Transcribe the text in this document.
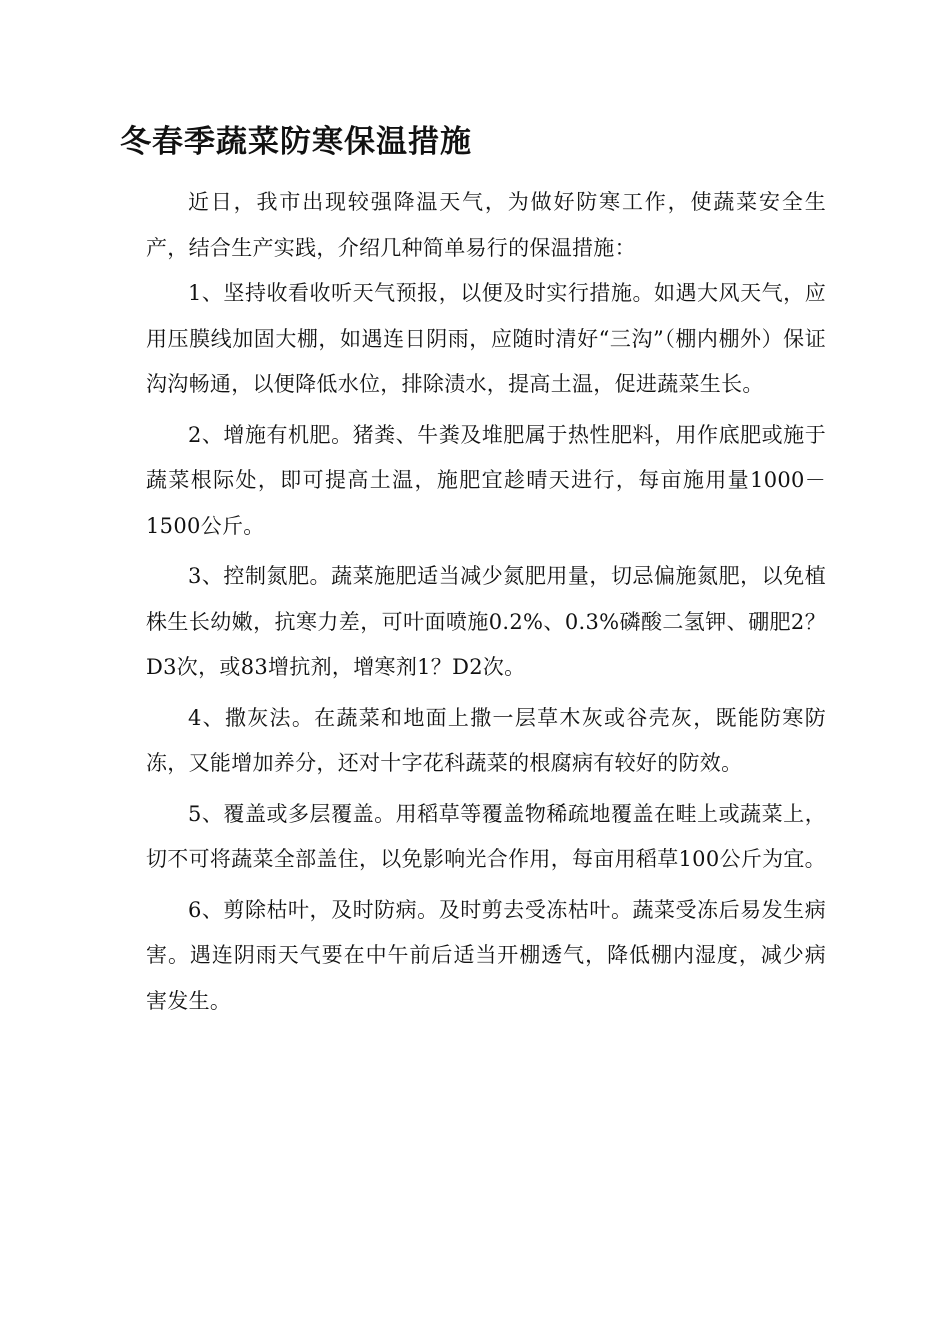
冬春季蔬菜防寒保温措施

近日，我市出现较强降温天气，为做好防寒工作，使蔬菜安全生产，结合生产实践，介绍几种简单易行的保温措施：

1、坚持收看收听天气预报，以便及时实行措施。如遇大风天气，应用压膜线加固大棚，如遇连日阴雨，应随时清好“三沟”（棚内棚外）保证沟沟畅通，以便降低水位，排除渍水，提高土温，促进蔬菜生长。

2、增施有机肥。猪粪、牛粪及堆肥属于热性肥料，用作底肥或施于蔬菜根际处，即可提高土温，施肥宜趁晴天进行，每亩施用量1000－1500公斤。

3、控制氮肥。蔬菜施肥适当减少氮肥用量，切忌偏施氮肥，以免植株生长幼嫩，抗寒力差，可叶面喷施0.2%、0.3%磷酸二氢钾、硼肥2？D3次，或83增抗剂，增寒剂1？D2次。

4、撒灰法。在蔬菜和地面上撒一层草木灰或谷壳灰，既能防寒防冻，又能增加养分，还对十字花科蔬菜的根腐病有较好的防效。

5、覆盖或多层覆盖。用稻草等覆盖物稀疏地覆盖在畦上或蔬菜上，切不可将蔬菜全部盖住，以免影响光合作用，每亩用稻草100公斤为宜。

6、剪除枯叶，及时防病。及时剪去受冻枯叶。蔬菜受冻后易发生病害。遇连阴雨天气要在中午前后适当开棚透气，降低棚内湿度，减少病害发生。
